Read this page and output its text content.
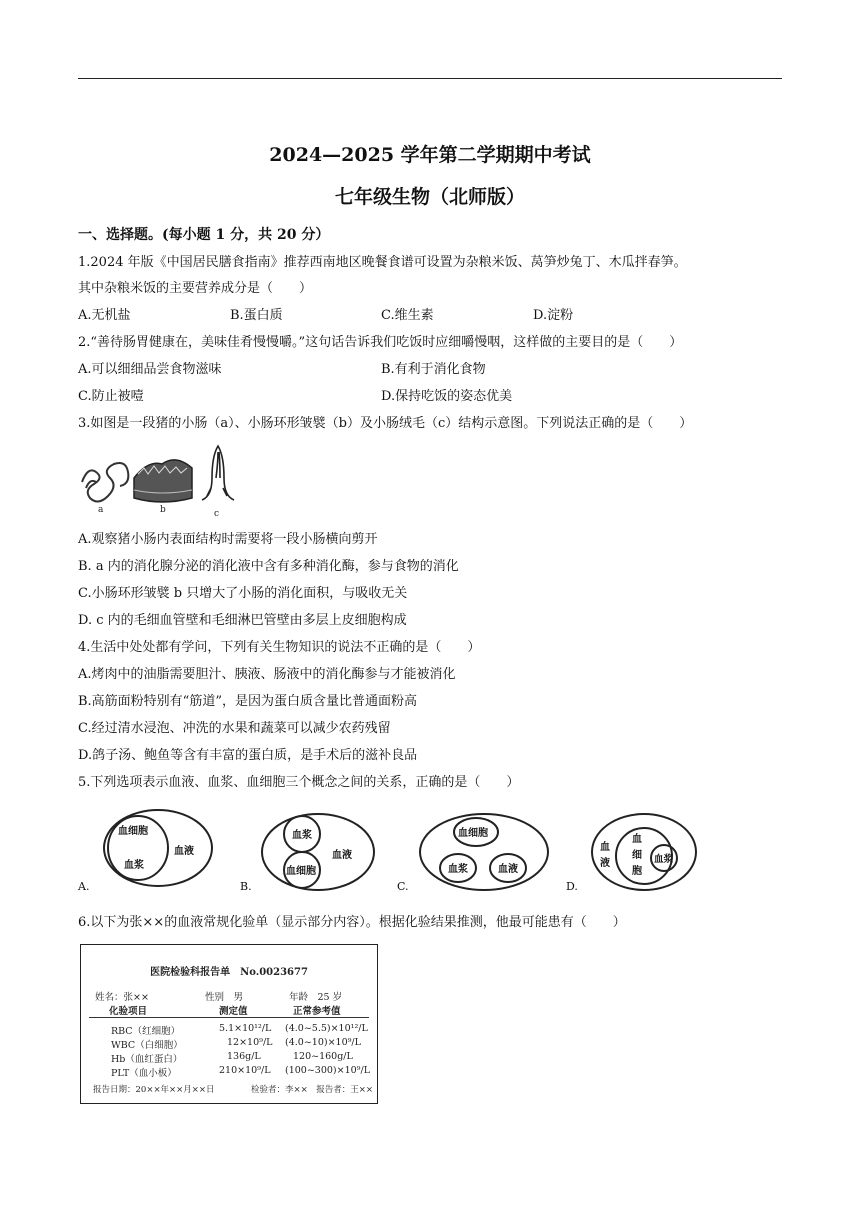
2024—2025 学年第二学期期中考试
七年级生物（北师版）
一、选择题。(每小题 1 分，共 20 分）
1.2024 年版《中国居民膳食指南》推荐西南地区晚餐食谱可设置为杂粮米饭、莴笋炒兔丁、木瓜拌春笋。
其中杂粮米饭的主要营养成分是（　　）
A.无机盐	B.蛋白质	C.维生素	D.淀粉
2.“善待肠胃健康在，美味佳肴慢慢嚼。”这句话告诉我们吃饭时应细嚼慢咽，这样做的主要目的是（　　）
A.可以细细品尝食物滋味	B.有利于消化食物
C.防止被噎	D.保持吃饭的姿态优美
3.如图是一段猪的小肠（a）、小肠环形皱襞（b）及小肠绒毛（c）结构示意图。下列说法正确的是（　　）
a	b	c
A.观察猪小肠内表面结构时需要将一段小肠横向剪开
B. a 内的消化腺分泌的消化液中含有多种消化酶，参与食物的消化
C.小肠环形皱襞 b 只增大了小肠的消化面积，与吸收无关
D. c 内的毛细血管壁和毛细淋巴管壁由多层上皮细胞构成
4.生活中处处都有学问，下列有关生物知识的说法不正确的是（　　）
A.烤肉中的油脂需要胆汁、胰液、肠液中的消化酶参与才能被消化
B.高筋面粉特别有“筋道”，是因为蛋白质含量比普通面粉高
C.经过清水浸泡、冲洗的水果和蔬菜可以减少农药残留
D.鸽子汤、鲍鱼等含有丰富的蛋白质，是手术后的滋补良品
5.下列选项表示血液、血浆、血细胞三个概念之间的关系，正确的是（　　）
血细胞
血浆
血液
A.
血浆
血细胞
血液
B.
血细胞
血浆	血液
C.
血
液
血
细
胞
血浆
D.
6.以下为张××的血液常规化验单（显示部分内容）。根据化验结果推测，他最可能患有（　　）
医院检验科报告单　No.0023677
姓名：张××	性别　男	年龄　25 岁
化验项目	测定值	正常参考值
RBC（红细胞）	5.1×10¹²/L (4.0~5.5)×10¹²/L
WBC（白细胞）	12×10⁹/L (4.0~10)×10⁹/L
Hb（血红蛋白）	136g/L	120~160g/L
PLT（血小板）	210×10⁹/L (100~300)×10⁹/L
报告日期：20××年××月××日	检验者：李××　报告者：王××
